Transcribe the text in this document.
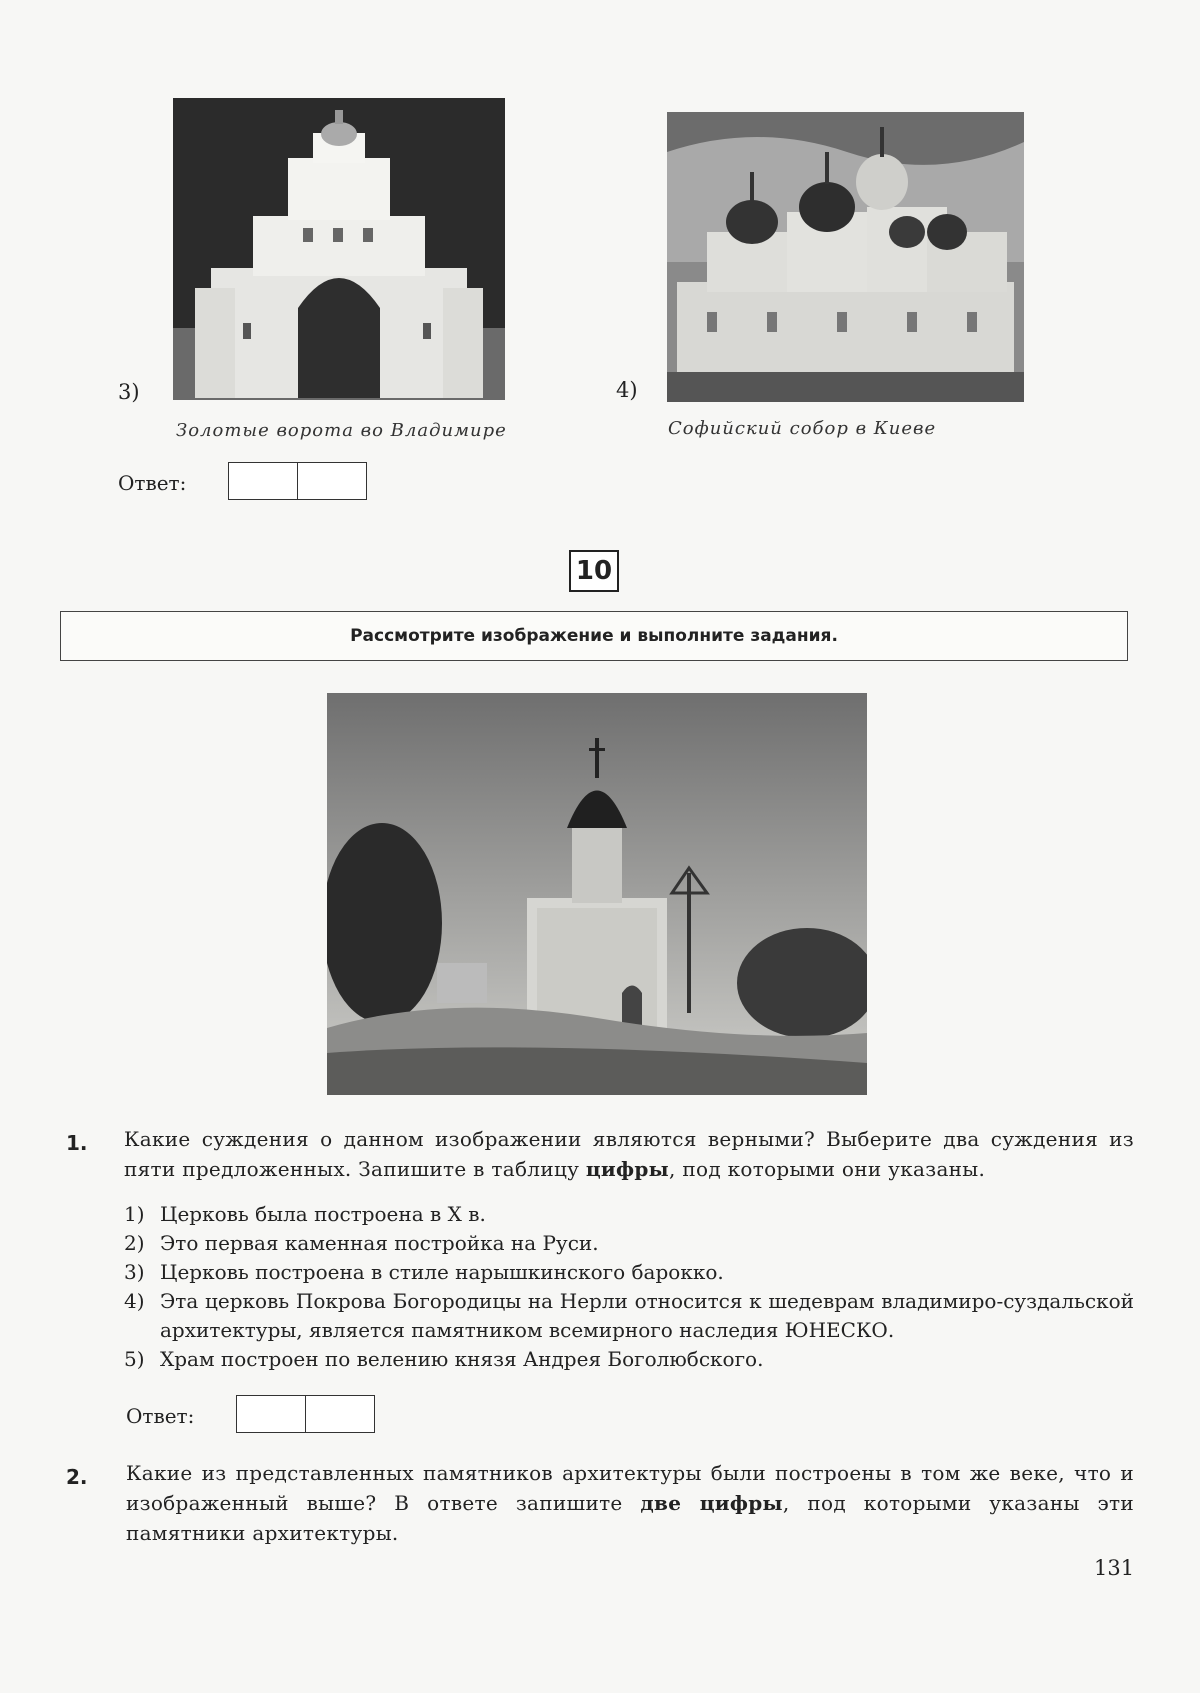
3)
Золотые ворота во Владимире
4)
Софийский собор в Киеве
Ответ:
10
Рассмотрите изображение и выполните задания.
1. Какие суждения о данном изображении являются верными? Выберите два суждения из пяти предложенных. Запишите в таблицу цифры, под которыми они указаны.
1) Церковь была построена в X в.
2) Это первая каменная постройка на Руси.
3) Церковь построена в стиле нарышкинского барокко.
4) Эта церковь Покрова Богородицы на Нерли относится к шедеврам владимиро-суздальской архитектуры, является памятником всемирного наследия ЮНЕСКО.
5) Храм построен по велению князя Андрея Боголюбского.
Ответ:
2. Какие из представленных памятников архитектуры были построены в том же веке, что и изображенный выше? В ответе запишите две цифры, под которыми указаны эти памятники архитектуры.
131
